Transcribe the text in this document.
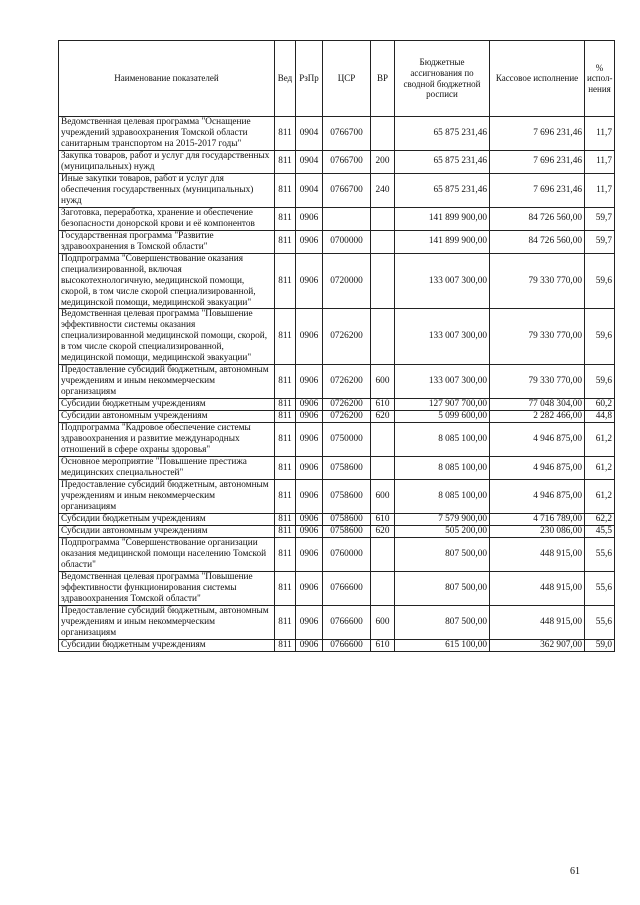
Наименование показателей	Вед	РзПр	ЦСР	ВР	Бюджетные ассигнования по сводной бюджетной росписи	Кассовое исполнение	% испол-нения
Ведомственная целевая программа "Оснащение учреждений здравоохранения Томской области санитарным транспортом на 2015-2017 годы"	811	0904	0766700		65 875 231,46	7 696 231,46	11,7
Закупка товаров, работ и услуг для государственных (муниципальных) нужд	811	0904	0766700	200	65 875 231,46	7 696 231,46	11,7
Иные закупки товаров, работ и услуг для обеспечения государственных (муниципальных) нужд	811	0904	0766700	240	65 875 231,46	7 696 231,46	11,7
Заготовка, переработка, хранение и обеспечение безопасности донорской крови и её компонентов	811	0906			141 899 900,00	84 726 560,00	59,7
Государственная программа "Развитие здравоохранения в Томской области"	811	0906	0700000		141 899 900,00	84 726 560,00	59,7
Подпрограмма "Совершенствование оказания специализированной, включая высокотехнологичную, медицинской помощи, скорой, в том числе скорой специализированной, медицинской помощи, медицинской эвакуации"	811	0906	0720000		133 007 300,00	79 330 770,00	59,6
Ведомственная целевая программа "Повышение эффективности системы оказания специализированной медицинской помощи, скорой, в том числе скорой специализированной, медицинской помощи, медицинской эвакуации"	811	0906	0726200		133 007 300,00	79 330 770,00	59,6
Предоставление субсидий бюджетным, автономным учреждениям и иным некоммерческим организациям	811	0906	0726200	600	133 007 300,00	79 330 770,00	59,6
Субсидии бюджетным учреждениям	811	0906	0726200	610	127 907 700,00	77 048 304,00	60,2
Субсидии автономным учреждениям	811	0906	0726200	620	5 099 600,00	2 282 466,00	44,8
Подпрограмма "Кадровое обеспечение системы здравоохранения и развитие международных отношений в сфере охраны здоровья"	811	0906	0750000		8 085 100,00	4 946 875,00	61,2
Основное мероприятие "Повышение престижа медицинских специальностей"	811	0906	0758600		8 085 100,00	4 946 875,00	61,2
Предоставление субсидий бюджетным, автономным учреждениям и иным некоммерческим организациям	811	0906	0758600	600	8 085 100,00	4 946 875,00	61,2
Субсидии бюджетным учреждениям	811	0906	0758600	610	7 579 900,00	4 716 789,00	62,2
Субсидии автономным учреждениям	811	0906	0758600	620	505 200,00	230 086,00	45,5
Подпрограмма "Совершенствование организации оказания медицинской помощи населению Томской области"	811	0906	0760000		807 500,00	448 915,00	55,6
Ведомственная целевая программа "Повышение эффективности функционирования системы здравоохранения Томской области"	811	0906	0766600		807 500,00	448 915,00	55,6
Предоставление субсидий бюджетным, автономным учреждениям и иным некоммерческим организациям	811	0906	0766600	600	807 500,00	448 915,00	55,6
Субсидии бюджетным учреждениям	811	0906	0766600	610	615 100,00	362 907,00	59,0
61
